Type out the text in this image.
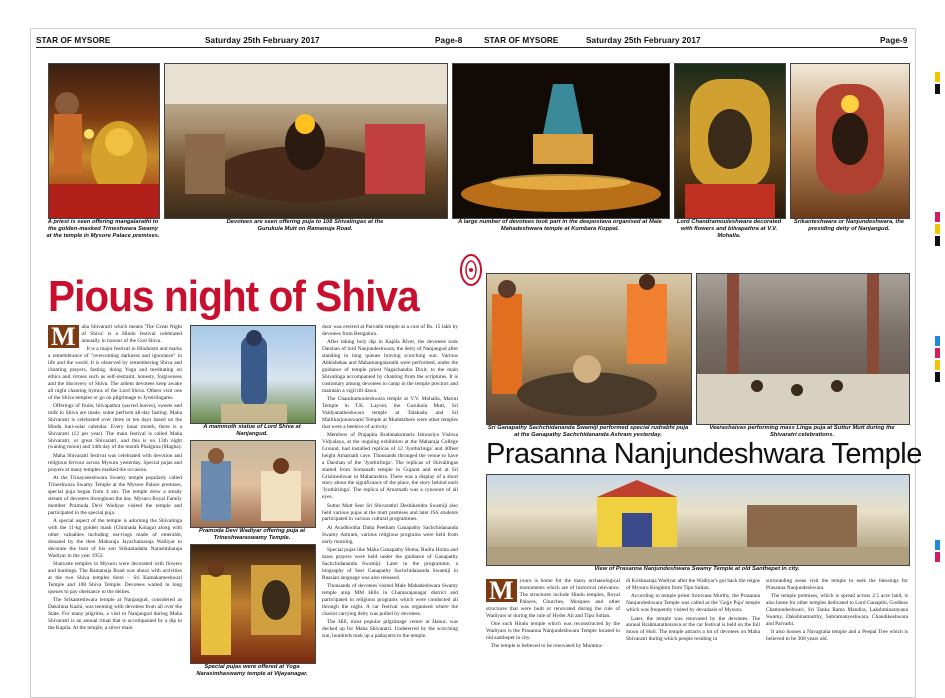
STAR OF MYSORE	Saturday 25th February 2017	Page-8	STAR OF MYSORE	Saturday 25th February 2017	Page-9
A priest is seen offering mangalarathi to the golden-masked Trineshwara Swamy at the temple in Mysore Palace premises.
Devotees are seen offering puja to 108 Shivalingas at the Gurukula Mutt on Ramanuja Road.
A large number of devotees took part in the deepostava organised at Male Mahadeshwara temple at Kumbara Koppal.
Lord Chandramouleshwara decorated with flowers and bilvapathra at V.V. Mohalla.
Srikanteshwara or Nanjundeshwara, the presiding deity of Nanjangud.
Pious night of Shiva

M	aha Shivaratri which means 'The Great Night of Shiva' is a Hindu festival celebrated annually in honour of the God Shiva.

It is a major festival in Hinduism and marks a remembrance of "overcoming darkness and ignorance" in life and the world. It is observed by remembering Shiva and chanting prayers, fasting, doing Yoga and meditating on ethics and virtues such as self-restraint, honesty, forgiveness and the discovery of Shiva. The ardent devotees keep awake all night chanting hymns of the Lord Shiva. Others visit one of the Shiva temples or go on pilgrimage to Jyotirlingams.

Offerings of fruits, bilvapathra (sacred leaves), sweets and milk to Shiva are made, some perform all-day fasting. Maha Shivaratri is celebrated over three or ten days based on the Hindu luni-solar calendar. Every lunar month, there is a Shivaratri (12 per year). The main festival is called Maha Shivaratri, or great Shivaratri, and this is on 13th night (waning moon) and 14th day of the month Phalguna (Magha).

Maha Shivaratri festival was celebrated with devotion and religious fervour across Mysuru yesterday. Special pujas and prayers at many temples marked the occasion.

At the Trinayaneshwara Swamy temple popularly called Trineshwara Swamy Temple at the Mysore Palace premises, special puja began from 4 am. The temple drew a steady stream of devotees throughout the day. Mysuru Royal Family member Pramoda Devi Wadiyar visited the temple and participated in the special puja.

A special aspect of the temple is adorning the Shivalinga with the 11-kg golden mask (Chinnada Kolaga) along with other valuables including ear-rings made of emeralds, donated by the then Maharaja Jayachamaraja Wadiyar to decorate the bust of his son Srikantadatta Narasimharaja Wadiyar in the year 1953.

Shaivaite temples in Mysuru were decorated with flowers and buntings. The Ramanuja Road was abuzz with activities at the two Shiva temples there – Sri Kamakameshwari Temple and 108 Shiva Temple. Devotees waited in long queues to pay obeisance to the deities.

The Srikanteshwara temple at Nanjangud, considered as Dakshina Kashi, was teeming with devotees from all over the State. For many pilgrims, a visit to Nanjangud during Maha Shivaratri is an annual ritual that is accompanied by a dip in the Kapila. At the temple, a silver main

A mammoth statue of Lord Shiva at Nanjangud.
Pramoda Devi Wadiyar offering puja at Trineshwaraswamy Temple.
Special pujas were offered at Yoga Narasimhaswamy temple at Vijayanagar.

door was erected at Parvathi temple at a cost of Rs. 15 lakh by devotees from Bengaluru.

After taking holy dip in Kapila River, the devotees took Darshan of lord Nanjundeshwara, the deity of Nanjangud after standing in long queues braving scorching sun. Various Abhishekas and Mahamangalarathi were performed, under the guidance of temple priest Nagachandra Dixit, to the main Shivalinga accompanied by chanting from the scriptures. It is customary among devotees to camp in the temple precinct and maintain a vigil till dawn.

The Chandramouleshwara temple at V.V. Mohalla, Maruti Temple in T.K. Layout, the Gurukula Mutt, Sri Vaidyanatheshwara temple at Talakadu and Sri Mallikarjunaswami Temple at Mudukthore were other temples that were a beehive of activity.

Members of Prajapita Brahmakumaris Ishwariya Vishwa Vidyalaya, at the ongoing exhibition at the Maharaja College Ground, had installed replicas of 12 'Jyothirlinga' and 40feet height Amarnath cave. Thousands thronged the venue to have a Darshan of the 'Jyothirlinga'. The replicas of Shivalingas started from Somanath temple in Gujarat and end at Sri Grishneshwar in Maharashtra. There was a display of a short story about the significance of the place, the story behind each 'Jyothirlinga'. The replica of Amarnath was a cynosure of all eyes.

Suttur Mutt Seer Sri Shivarathri Deshikendra Swamiji also held various pujas at the mutt premises and later JSS students participated in various cultural programmes.

At Avadhootha Datta Peetham Ganapathy Sachchidananda Swamy Ashram, various religious programs were held from early morning.

Special pujas like Maha Ganapathy Homa, Rudra Homa and mass prayers were held under the guidance of Ganapathy Sachchidananda Swamiji. Later in the programme, a biography of Seer Ganapathy Sachchidananda Swamiji in Russian language was also released.

Thousands of devotees visited Male Mahadeshwara Swamy temple atop MM Hills in Chamarajanagar district and participated in religious programs which were conducted all through the night. A car festival was organised where the chariot carrying deity was pulled by devotees.

The Hill, most popular pilgrimage centre at Hanur, was decked up for Maha Shivaratri. Undeterred by the scorching sun, hundreds took up a padayatra to the temple.

Sri Ganapathy Sachchidananda Swamiji performed special rudrabhi puja at the Ganapathy Sachchidananda Ashram yesterday.
Veerashaivas performing mass Linga puja at Suttur Mutt during the Shivaratri celebrations.
Prasanna Nanjundeshwara Temple
View of Prasanna Nanjundeshwara Swamy Temple at old Santhepet in city.

M	ysuru is home for the many archaeological monuments which are of historical relevance. The structures include Hindu temples, Royal Palaces, Churches, Mosques and other structures that were built or renovated during the rule of Wadiyars or during the rule of Hyder Ali and Tipu Sultan.

One such Hindu temple which was reconstructed by the Wadiyars is the Prasanna Nanjundeshwara Temple located in old santhepet in city.

The temple is believed to be renovated by Mummu-

di Krishnaraja Wadiyar after the Wadiyar's got back the reigns of Mysuru Kingdom from Tipu Sultan.

According to temple priest Srinivasa Murthy, the Prasanna Nanjundeshwara Temple was called as the 'Gejje Puja' temple which was frequently visited by devadasis of Mysuru.

Later, the temple was renovated by the devotees. The annual Brahmarathotsava or the car festival is held on the full moon of Holi. The temple attracts a lot of devotees on Maha Shivaratri during which people residing in

surrounding areas visit the temple to seek the blessings for Prasanna Nanjundeshwara.

The temple premises, which is spread across 2.5 acre land, is also home for other temples dedicated to Lord Ganapthi, Goddess Chamundeshwari, Sri Tanka Rama Mandira, Lakshminarayana Swamy, Dakshinamurthy, Subramanyeshwara, Chandikeshwara and Parvathi.

It also houses a Navagraha temple and a Peepal Tree which is believed to be 300 years old.
